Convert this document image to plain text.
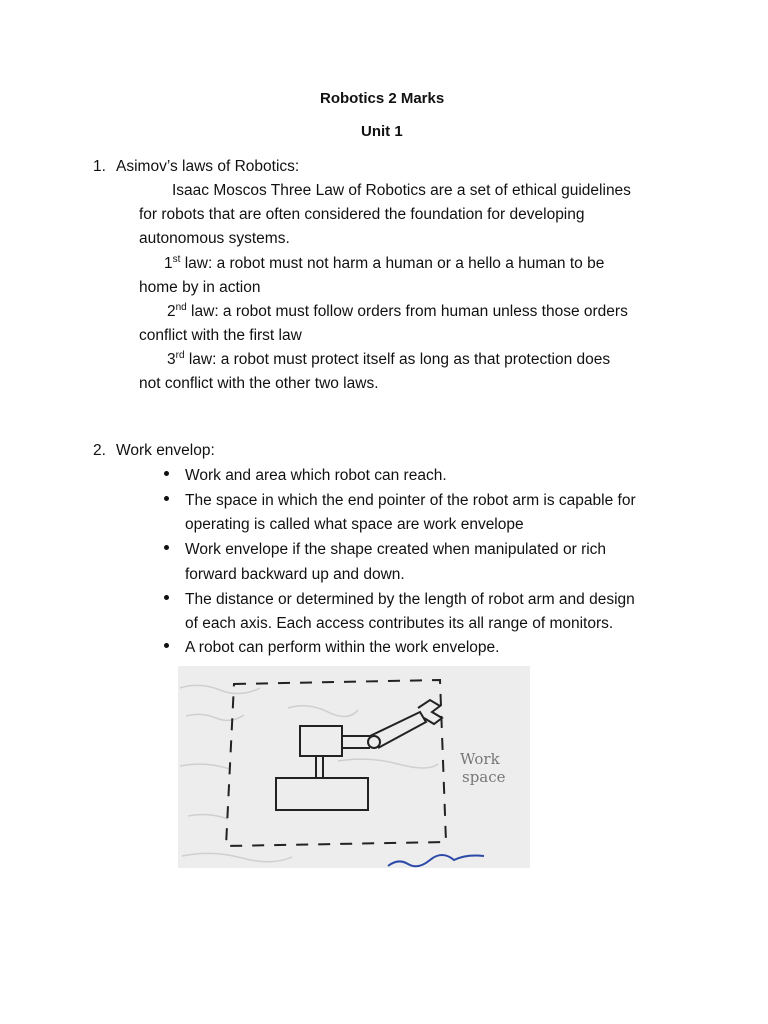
Robotics 2 Marks
Unit 1
1. Asimov’s laws of Robotics:
Isaac Moscos Three Law of Robotics are a set of ethical guidelines
for robots that are often considered the foundation for developing
autonomous systems.
1st law: a robot must not harm a human or a hello a human to be
home by in action
2nd law: a robot must follow orders from human unless those orders
conflict with the first law
3rd law: a robot must protect itself as long as that protection does
not conflict with the other two laws.
2. Work envelop:
Work and area which robot can reach.
The space in which the end pointer of the robot arm is capable for
operating is called what space are work envelope
Work envelope if the shape created when manipulated or rich
forward backward up and down.
The distance or determined by the length of robot arm and design
of each axis. Each access contributes its all range of monitors.
A robot can perform within the work envelope.
Work
space
